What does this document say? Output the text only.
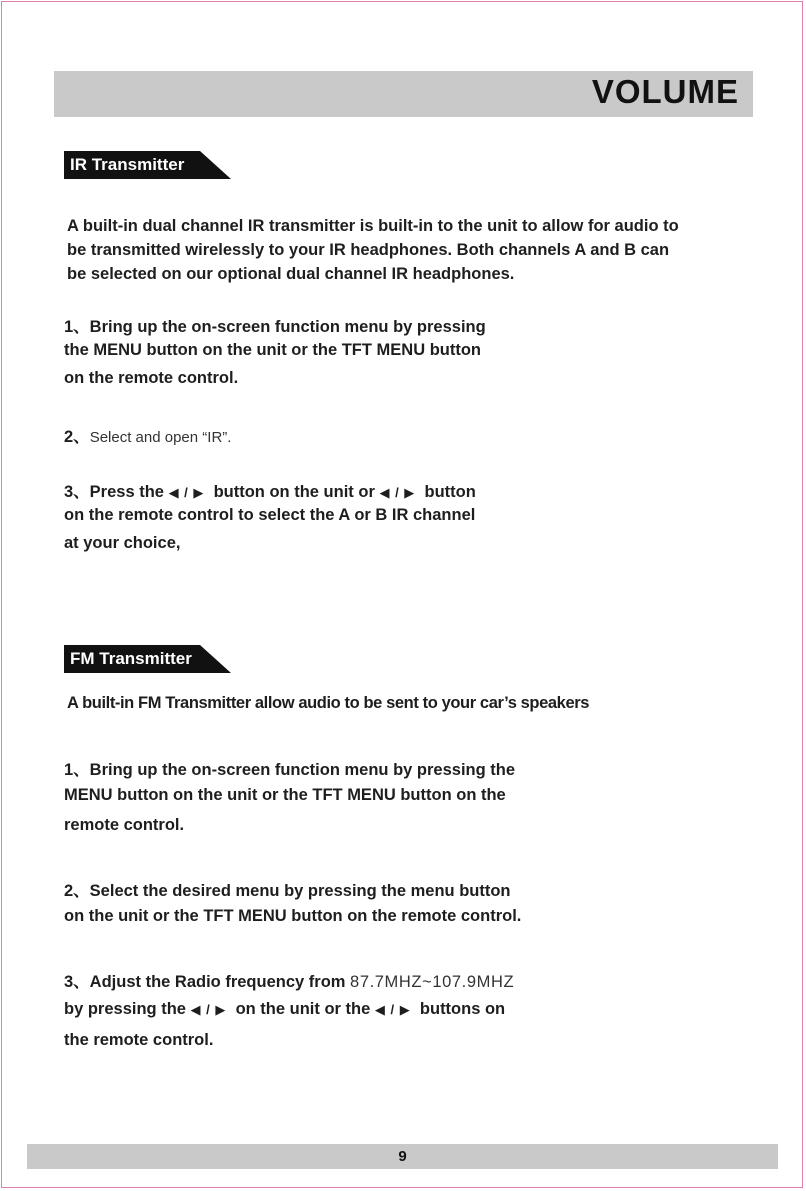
VOLUME
IR Transmitter
A built-in dual channel IR transmitter is built-in to the unit to allow for audio to
be transmitted wirelessly to your IR headphones. Both channels A and B can
be selected on our optional dual channel IR headphones.
1、Bring up the on-screen function menu by pressing
the MENU button on the unit or the TFT MENU button
on the remote control.
2、Select and open “IR”.
3、Press the ◀ / ▶ button on the unit or ◀ / ▶ button
on the remote control to select the A or B IR channel
at your choice,
FM Transmitter
A built-in FM Transmitter allow audio to be sent to your car’s speakers
1、Bring up the on-screen function menu by pressing the
MENU button on the unit or the TFT MENU button on the
remote control.
2、Select the desired menu by pressing the menu button
on the unit or the TFT MENU button on the remote control.
3、Adjust the Radio frequency from 87.7MHZ~107.9MHZ
by pressing the ◀ / ▶ on the unit or the ◀ / ▶ buttons on
the remote control.
9
